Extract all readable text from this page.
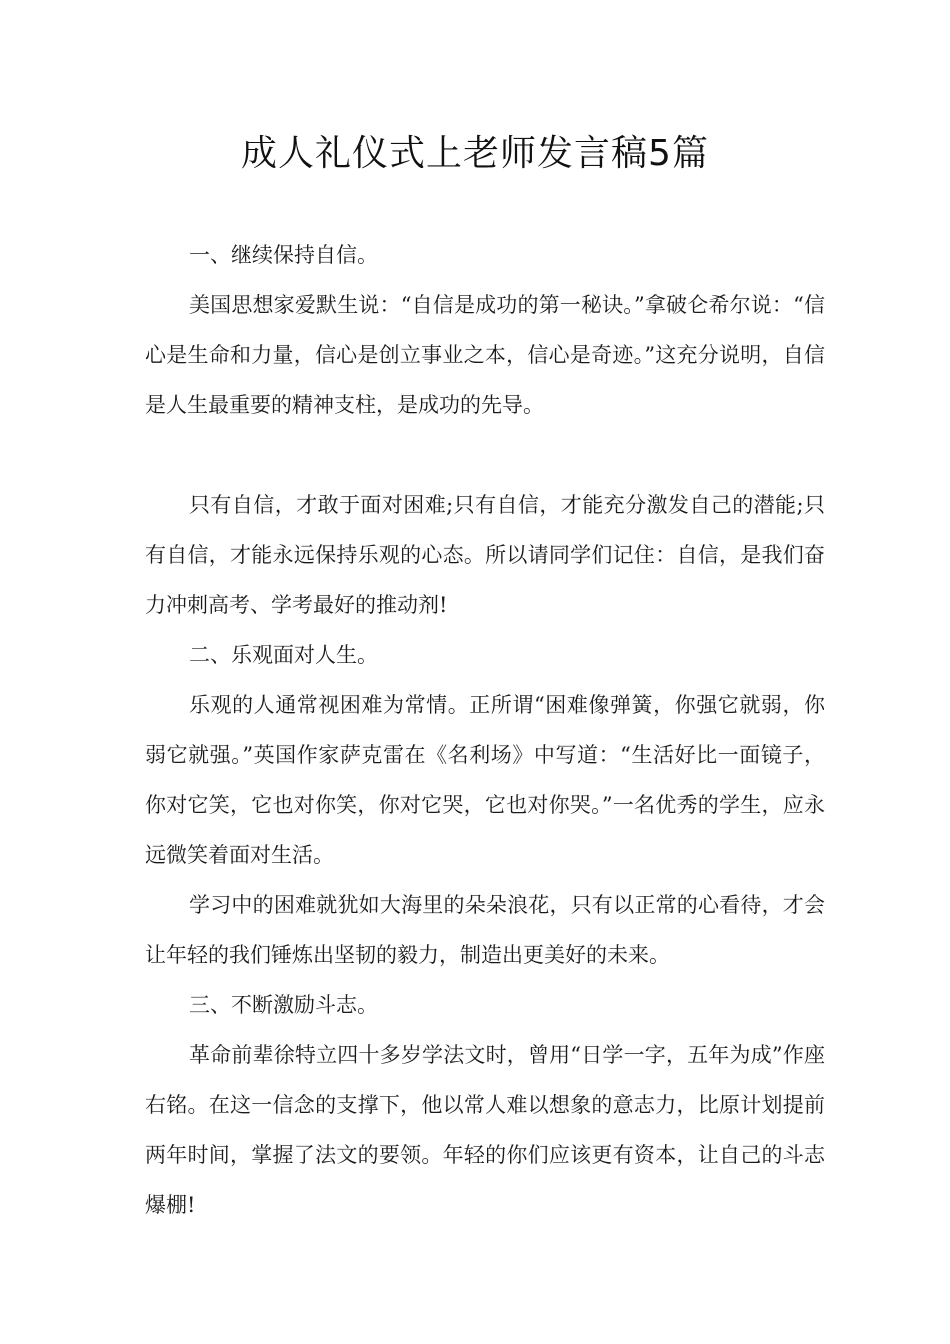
成人礼仪式上老师发言稿5篇

一、继续保持自信。

美国思想家爱默生说：“自信是成功的第一秘诀。”拿破仑希尔说：“信心是生命和力量，信心是创立事业之本，信心是奇迹。”这充分说明，自信是人生最重要的精神支柱，是成功的先导。

只有自信，才敢于面对困难;只有自信，才能充分激发自己的潜能;只有自信，才能永远保持乐观的心态。所以请同学们记住：自信，是我们奋力冲刺高考、学考最好的推动剂!

二、乐观面对人生。

乐观的人通常视困难为常情。正所谓“困难像弹簧，你强它就弱，你弱它就强。”英国作家萨克雷在《名利场》中写道：“生活好比一面镜子，你对它笑，它也对你笑，你对它哭，它也对你哭。”一名优秀的学生，应永远微笑着面对生活。

学习中的困难就犹如大海里的朵朵浪花，只有以正常的心看待，才会让年轻的我们锤炼出坚韧的毅力，制造出更美好的未来。

三、不断激励斗志。

革命前辈徐特立四十多岁学法文时，曾用“日学一字，五年为成”作座右铭。在这一信念的支撑下，他以常人难以想象的意志力，比原计划提前两年时间，掌握了法文的要领。年轻的你们应该更有资本，让自己的斗志爆棚!
